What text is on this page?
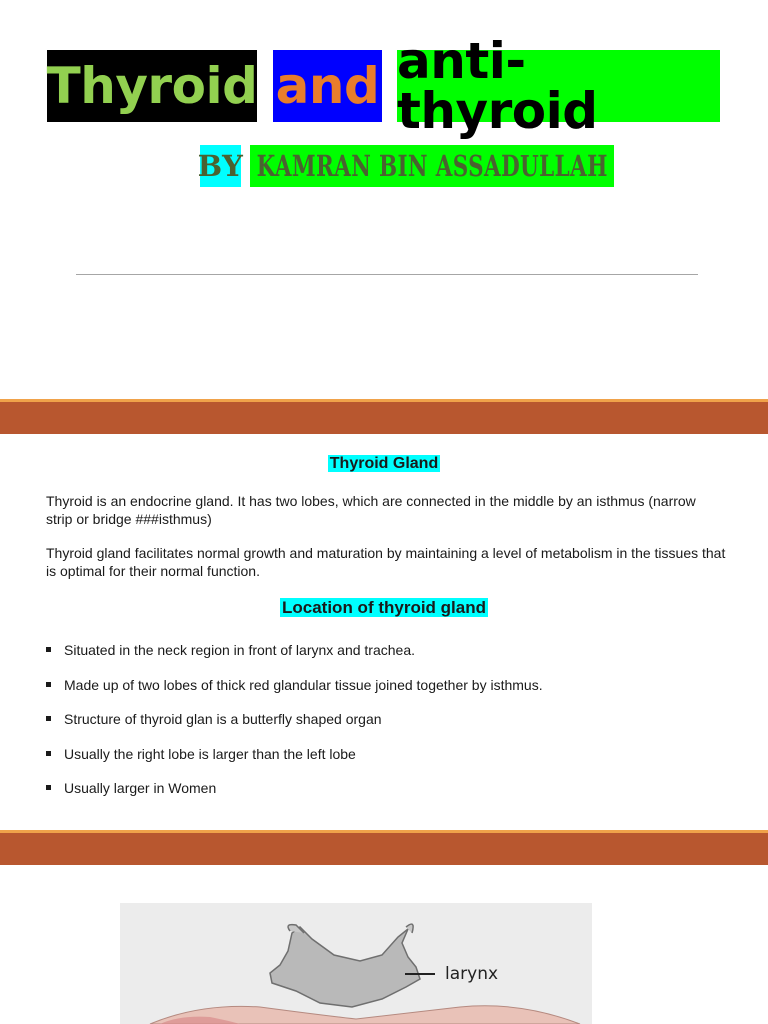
Thyroid and anti-thyroid
BY KAMRAN BIN ASSADULLAH
Thyroid Gland
Thyroid is an endocrine gland. It has two lobes, which are connected in the middle by an isthmus (narrow strip or bridge ###isthmus)
Thyroid gland facilitates normal growth and maturation by maintaining a level of metabolism in the tissues that is optimal for their normal function.
Location of thyroid gland
Situated in the neck region in front of larynx and trachea.
Made up of two lobes of thick red glandular tissue joined together by isthmus.
Structure of thyroid glan is a butterfly shaped organ
Usually the right lobe is larger than the left lobe
Usually larger in Women
larynx
